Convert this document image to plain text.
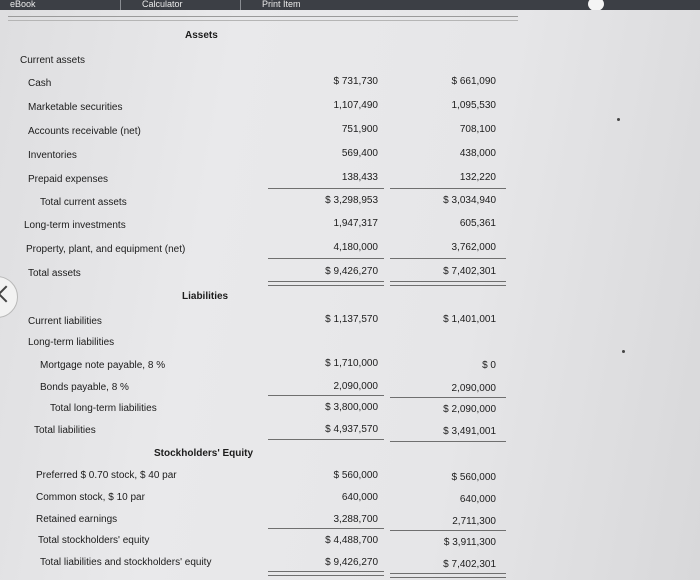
eBook	Calculator	Print Item
Assets
Current assets
Cash	$ 731,730	$ 661,090
Marketable securities	1,107,490	1,095,530
Accounts receivable (net)	751,900	708,100
Inventories	569,400	438,000
Prepaid expenses	138,433	132,220
Total current assets	$ 3,298,953	$ 3,034,940
Long-term investments	1,947,317	605,361
Property, plant, and equipment (net)	4,180,000	3,762,000
Total assets	$ 9,426,270	$ 7,402,301
Liabilities
Current liabilities	$ 1,137,570	$ 1,401,001
Long-term liabilities
Mortgage note payable, 8 %	$ 1,710,000	$ 0
Bonds payable, 8 %	2,090,000	2,090,000
Total long-term liabilities	$ 3,800,000	$ 2,090,000
Total liabilities	$ 4,937,570	$ 3,491,001
Stockholders' Equity
Preferred $ 0.70 stock, $ 40 par	$ 560,000	$ 560,000
Common stock, $ 10 par	640,000	640,000
Retained earnings	3,288,700	2,711,300
Total stockholders' equity	$ 4,488,700	$ 3,911,300
Total liabilities and stockholders' equity	$ 9,426,270	$ 7,402,301
